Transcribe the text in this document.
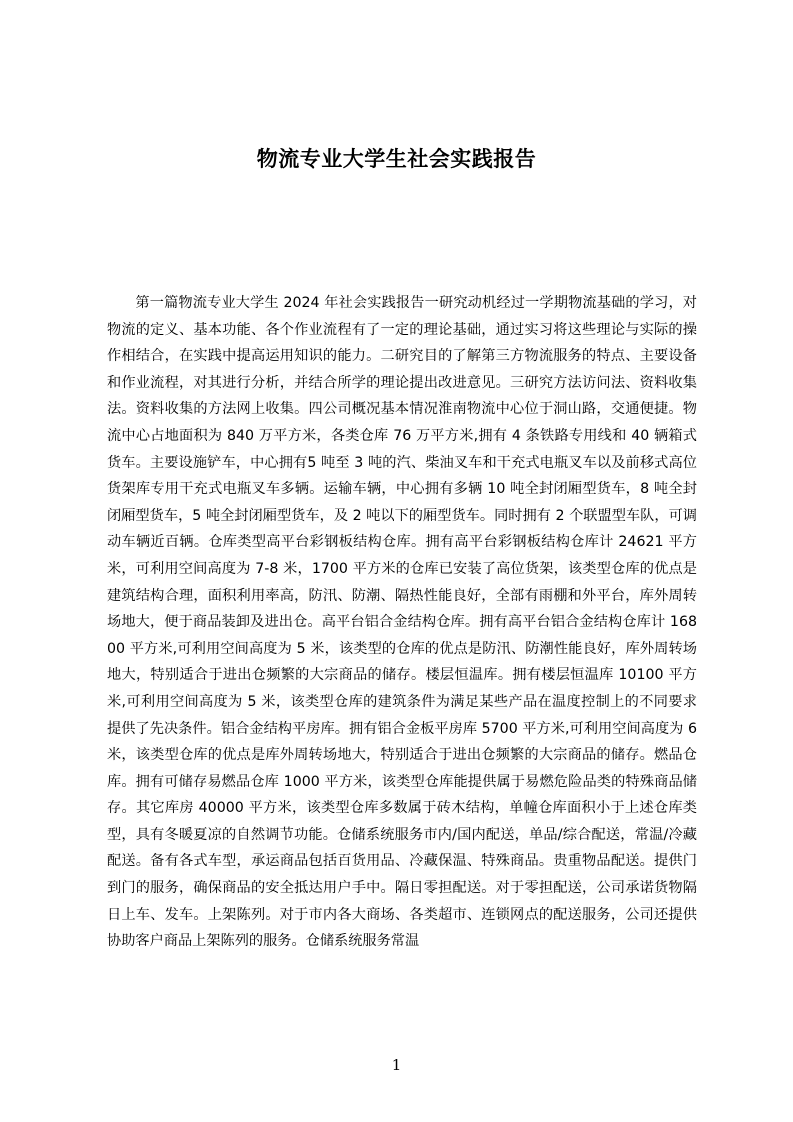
物流专业大学生社会实践报告

第一篇物流专业大学生 2024 年社会实践报告一研究动机经过一学期物流基础的学习，对物流的定义、基本功能、各个作业流程有了一定的理论基础，通过实习将这些理论与实际的操作相结合，在实践中提高运用知识的能力。二研究目的了解第三方物流服务的特点、主要设备和作业流程，对其进行分析，并结合所学的理论提出改进意见。三研究方法访问法、资料收集法。资料收集的方法网上收集。四公司概况基本情况淮南物流中心位于洞山路，交通便捷。物流中心占地面积为 840 万平方米，各类仓库 76 万平方米,拥有 4 条铁路专用线和 40 辆箱式货车。主要设施铲车，中心拥有5 吨至 3 吨的汽、柴油叉车和干充式电瓶叉车以及前移式高位货架库专用干充式电瓶叉车多辆。运输车辆，中心拥有多辆 10 吨全封闭厢型货车，8 吨全封闭厢型货车，5 吨全封闭厢型货车，及 2 吨以下的厢型货车。同时拥有 2 个联盟型车队，可调动车辆近百辆。仓库类型高平台彩钢板结构仓库。拥有高平台彩钢板结构仓库计 24621 平方米，可利用空间高度为 7-8 米，1700 平方米的仓库已安装了高位货架，该类型仓库的优点是建筑结构合理，面积利用率高，防汛、防潮、隔热性能良好，全部有雨棚和外平台，库外周转场地大，便于商品装卸及进出仓。高平台铝合金结构仓库。拥有高平台铝合金结构仓库计 16800 平方米,可利用空间高度为 5 米，该类型的仓库的优点是防汛、防潮性能良好，库外周转场地大，特别适合于进出仓频繁的大宗商品的储存。楼层恒温库。拥有楼层恒温库 10100 平方米,可利用空间高度为 5 米，该类型仓库的建筑条件为满足某些产品在温度控制上的不同要求提供了先决条件。铝合金结构平房库。拥有铝合金板平房库 5700 平方米,可利用空间高度为 6 米，该类型仓库的优点是库外周转场地大，特别适合于进出仓频繁的大宗商品的储存。燃品仓库。拥有可储存易燃品仓库 1000 平方米，该类型仓库能提供属于易燃危险品类的特殊商品储存。其它库房 40000 平方米，该类型仓库多数属于砖木结构，单幢仓库面积小于上述仓库类型，具有冬暖夏凉的自然调节功能。仓储系统服务市内/国内配送，单品/综合配送，常温/冷藏配送。备有各式车型，承运商品包括百货用品、冷藏保温、特殊商品。贵重物品配送。提供门到门的服务，确保商品的安全抵达用户手中。隔日零担配送。对于零担配送，公司承诺货物隔日上车、发车。上架陈列。对于市内各大商场、各类超市、连锁网点的配送服务，公司还提供协助客户商品上架陈列的服务。仓储系统服务常温

1
